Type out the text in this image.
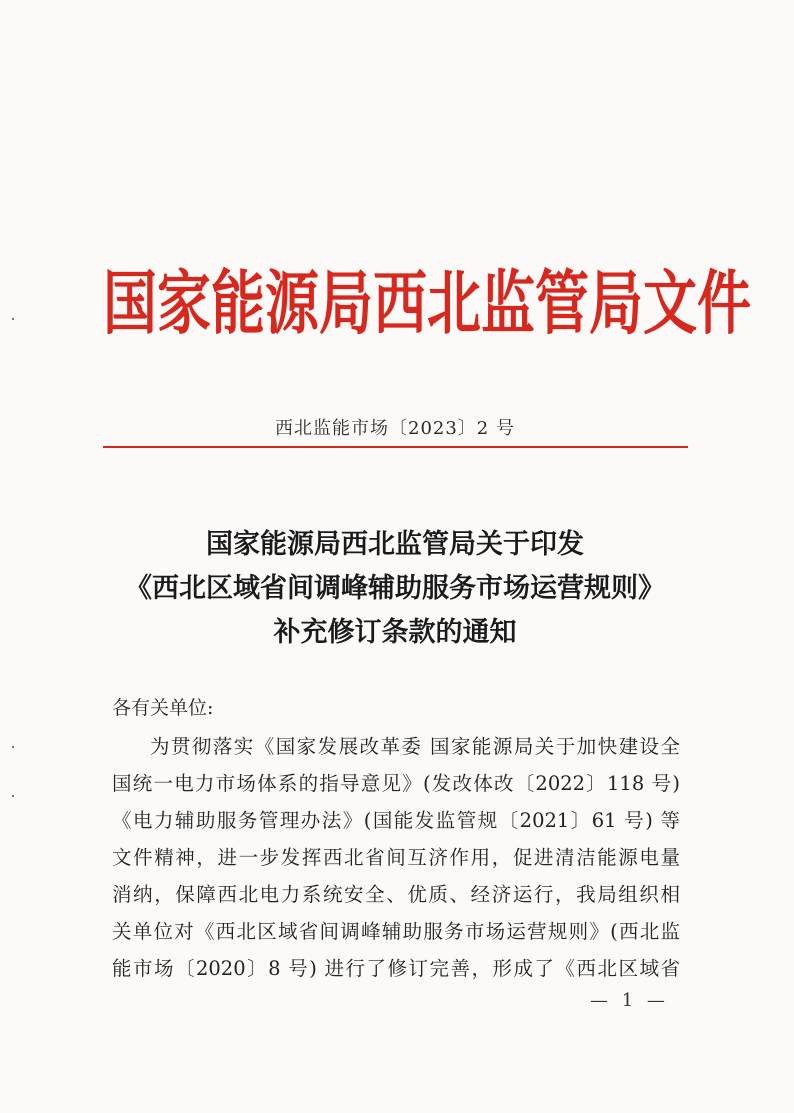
国家能源局西北监管局文件
西北监能市场〔2023〕2 号
国家能源局西北监管局关于印发
《西北区域省间调峰辅助服务市场运营规则》
补充修订条款的通知
各有关单位:
为贯彻落实《国家发展改革委 国家能源局关于加快建设全
国统一电力市场体系的指导意见》(发改体改〔2022〕118 号)
《电力辅助服务管理办法》(国能发监管规〔2021〕61 号) 等
文件精神，进一步发挥西北省间互济作用，促进清洁能源电量
消纳，保障西北电力系统安全、优质、经济运行，我局组织相
关单位对《西北区域省间调峰辅助服务市场运营规则》(西北监
能市场〔2020〕8 号) 进行了修订完善，形成了《西北区域省
— 1 —
